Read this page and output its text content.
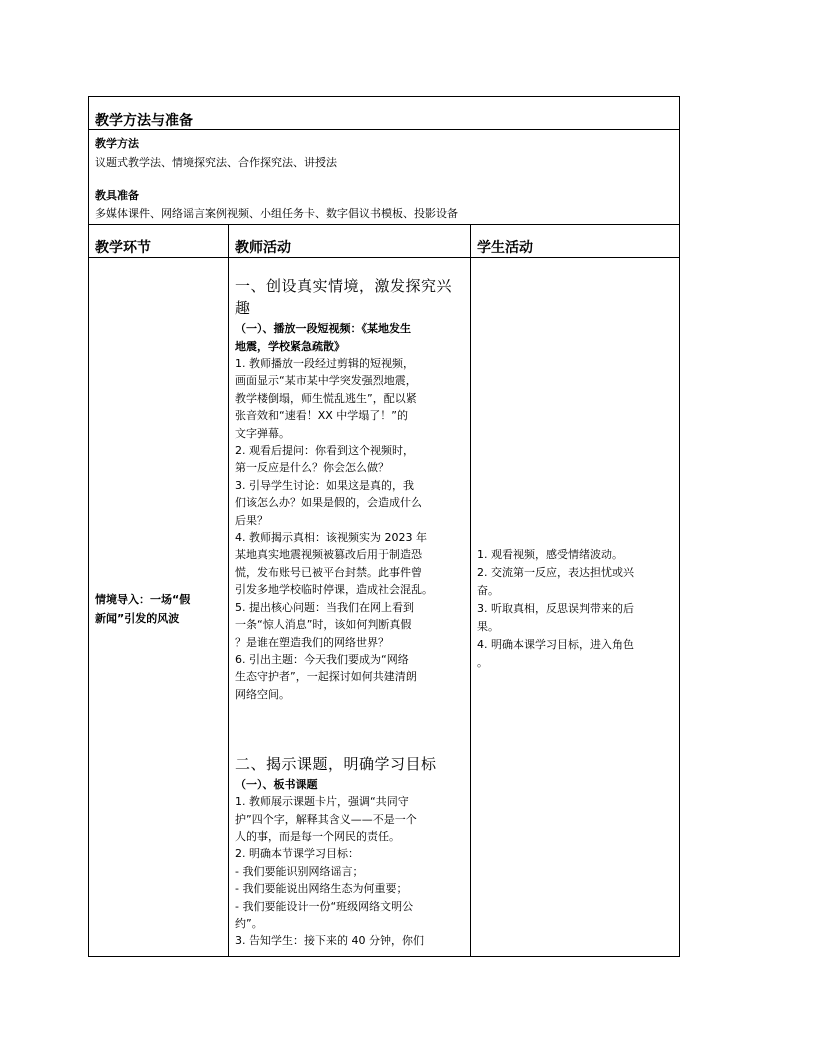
教学方法与准备
教学方法
议题式教学法、情境探究法、合作探究法、讲授法
教具准备
多媒体课件、网络谣言案例视频、小组任务卡、数字倡议书模板、投影设备
教学环节	教师活动	学生活动
情境导入：一场“假
新闻”引发的风波
一、创设真实情境，激发探究兴
趣
（一）、播放一段短视频：《某地发生
地震，学校紧急疏散》
1. 教师播放一段经过剪辑的短视频，
画面显示“某市某中学突发强烈地震，
教学楼倒塌，师生慌乱逃生”，配以紧
张音效和“速看！XX 中学塌了！”的
文字弹幕。
2. 观看后提问：你看到这个视频时，
第一反应是什么？你会怎么做？
3. 引导学生讨论：如果这是真的，我
们该怎么办？如果是假的，会造成什么
后果？
4. 教师揭示真相：该视频实为 2023 年
某地真实地震视频被篡改后用于制造恐
慌，发布账号已被平台封禁。此事件曾
引发多地学校临时停课，造成社会混乱。
5. 提出核心问题：当我们在网上看到
一条“惊人消息”时，该如何判断真假
？是谁在塑造我们的网络世界？
6. 引出主题：今天我们要成为“网络
生态守护者”，一起探讨如何共建清朗
网络空间。
二、揭示课题，明确学习目标
（一）、板书课题
1. 教师展示课题卡片，强调“共同守
护”四个字，解释其含义——不是一个
人的事，而是每一个网民的责任。
2. 明确本节课学习目标：
- 我们要能识别网络谣言；
- 我们要能说出网络生态为何重要；
- 我们要能设计一份“班级网络文明公
约”。
3. 告知学生：接下来的 40 分钟，你们
1. 观看视频，感受情绪波动。
2. 交流第一反应，表达担忧或兴
奋。
3. 听取真相，反思误判带来的后
果。
4. 明确本课学习目标，进入角色
。
